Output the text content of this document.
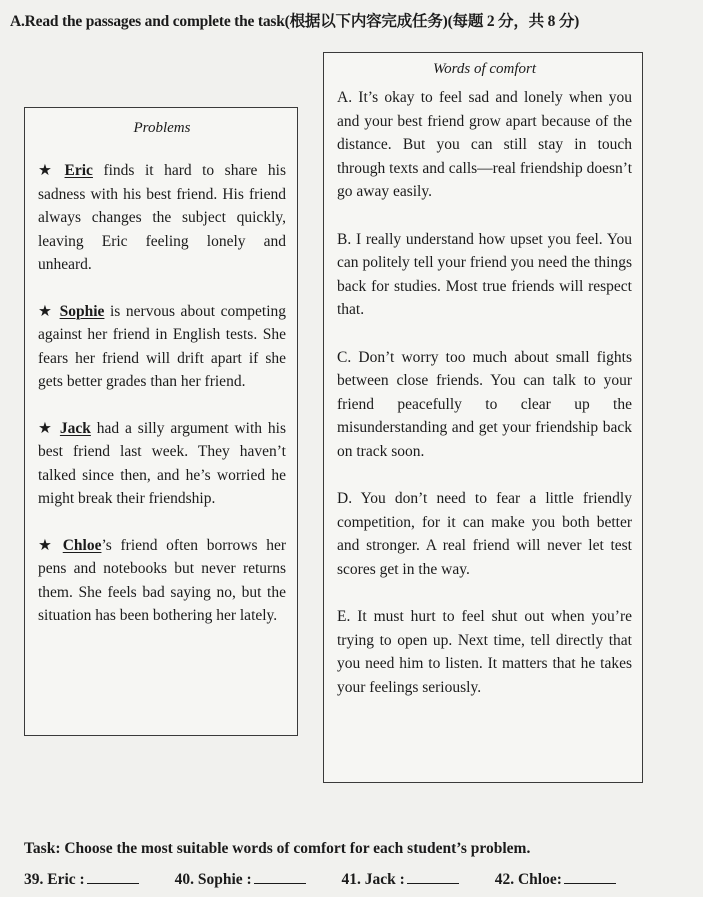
A.Read the passages and complete the task(根据以下内容完成任务)(每题 2 分，共 8 分)
Problems
★ Eric finds it hard to share his sadness with his best friend. His friend always changes the subject quickly, leaving Eric feeling lonely and unheard.
★ Sophie is nervous about competing against her friend in English tests. She fears her friend will drift apart if she gets better grades than her friend.
★ Jack had a silly argument with his best friend last week. They haven’t talked since then, and he’s worried he might break their friendship.
★ Chloe’s friend often borrows her pens and notebooks but never returns them. She feels bad saying no, but the situation has been bothering her lately.
Words of comfort
A. It’s okay to feel sad and lonely when you and your best friend grow apart because of the distance. But you can still stay in touch through texts and calls—real friendship doesn’t go away easily.
B. I really understand how upset you feel. You can politely tell your friend you need the things back for studies. Most true friends will respect that.
C. Don’t worry too much about small fights between close friends. You can talk to your friend peacefully to clear up the misunderstanding and get your friendship back on track soon.
D. You don’t need to fear a little friendly competition, for it can make you both better and stronger. A real friend will never let test scores get in the way.
E. It must hurt to feel shut out when you’re trying to open up. Next time, tell directly that you need him to listen. It matters that he takes your feelings seriously.
Task: Choose the most suitable words of comfort for each student’s problem.
39. Eric :	40. Sophie :	41. Jack :	42. Chloe:
